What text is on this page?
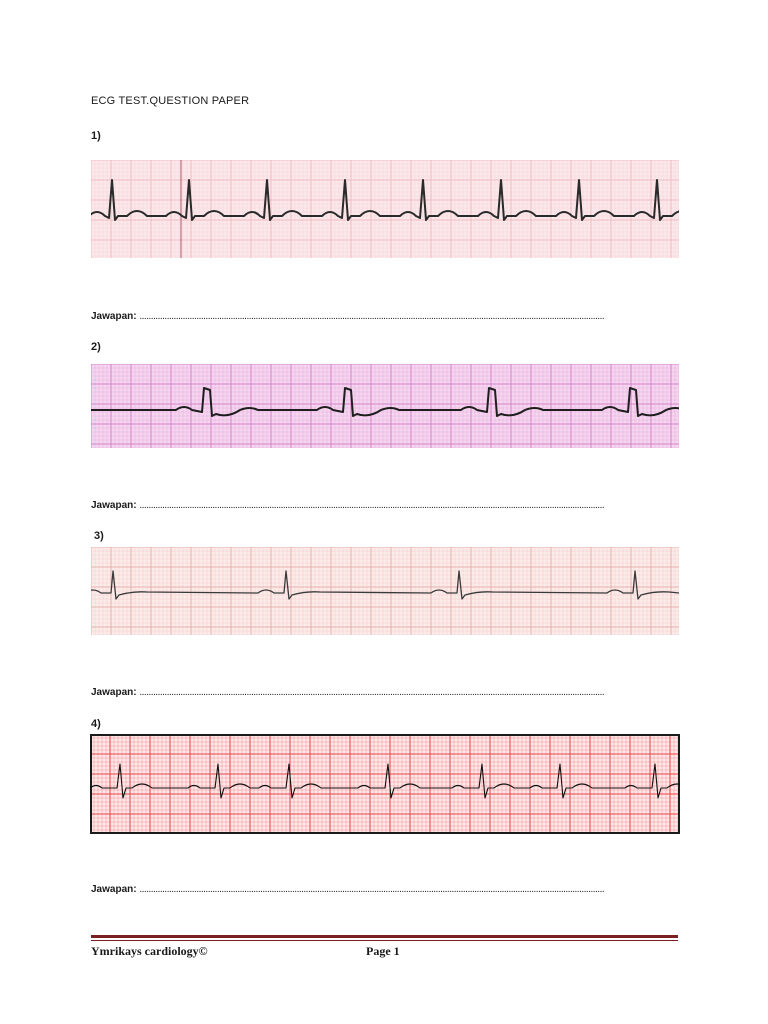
ECG TEST.QUESTION PAPER
1)
Jawapan: ............................................................................................................................................................................................................
2)
Jawapan: ............................................................................................................................................................................................................
3)
Jawapan: ............................................................................................................................................................................................................
4)
Jawapan: ............................................................................................................................................................................................................
Ymrikays cardiology©	Page 1
